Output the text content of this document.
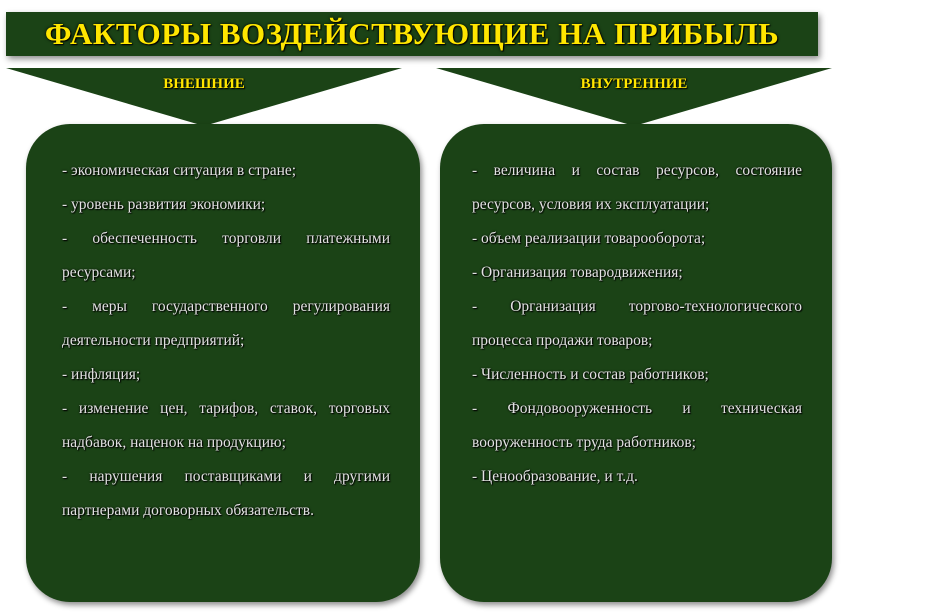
ФАКТОРЫ ВОЗДЕЙСТВУЮЩИЕ НА ПРИБЫЛЬ
ВНЕШНИЕ	ВНУТРЕННИЕ
- экономическая ситуация в стране;
- уровень развития экономики;
- обеспеченность торговли платежными ресурсами;
- меры государственного регулирования деятельности предприятий;
- инфляция;
- изменение цен, тарифов, ставок, торговых надбавок, наценок на продукцию;
- нарушения поставщиками и другими партнерами договорных обязательств.
- величина и состав ресурсов, состояние ресурсов, условия их эксплуатации;
- объем реализации товарооборота;
- Организация товародвижения;
- Организация торгово-технологического процесса продажи товаров;
- Численность и состав работников;
- Фондовооруженность и техническая вооруженность труда работников;
- Ценообразование, и т.д.
